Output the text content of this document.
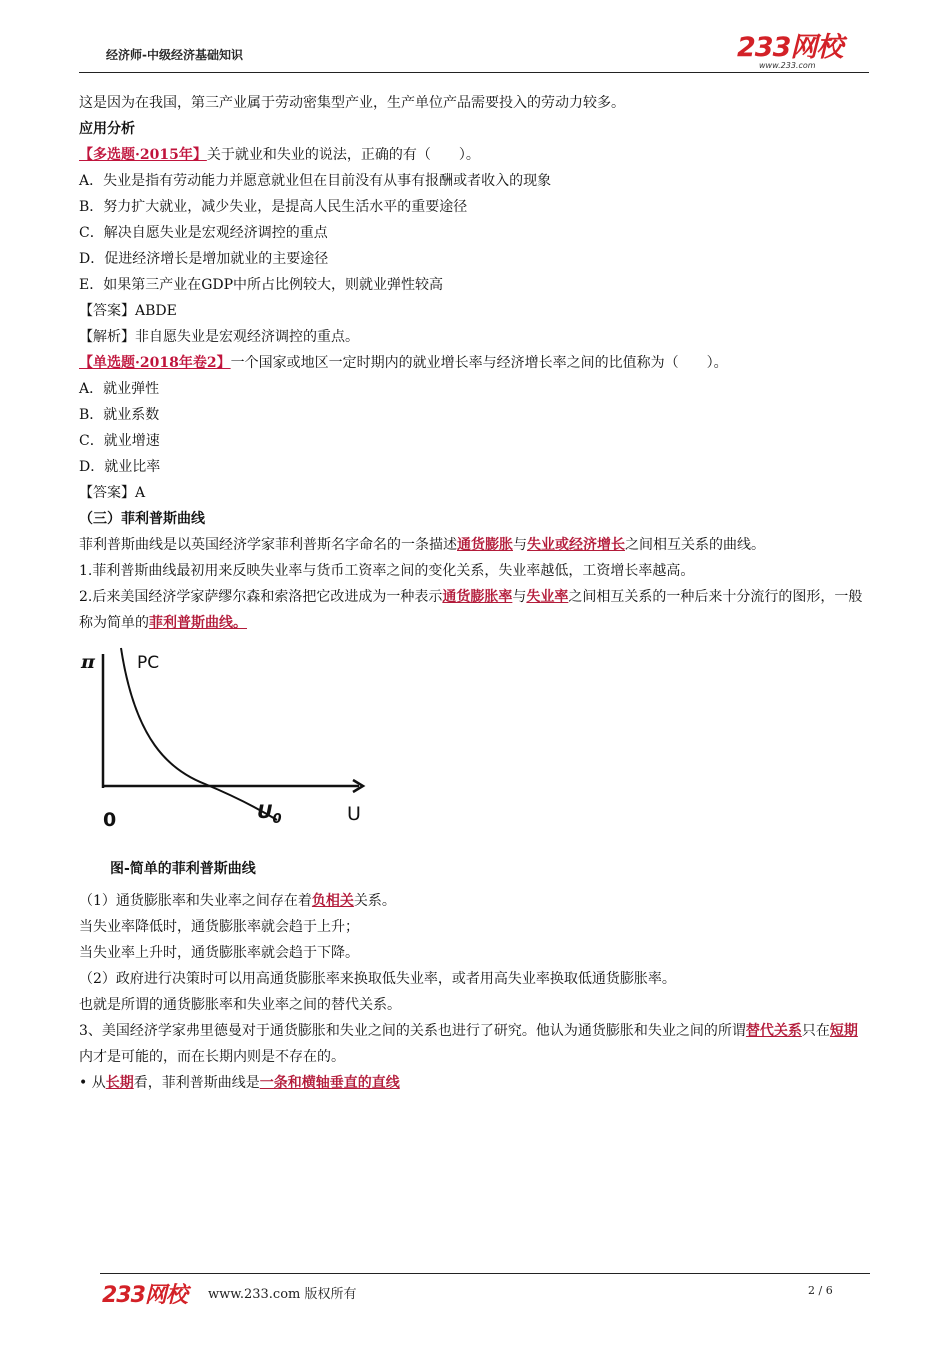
经济师-中级经济基础知识	233网校
www.233.com
这是因为在我国，第三产业属于劳动密集型产业，生产单位产品需要投入的劳动力较多。
应用分析
【多选题·2015年】关于就业和失业的说法，正确的有（　　）。
A．失业是指有劳动能力并愿意就业但在目前没有从事有报酬或者收入的现象
B．努力扩大就业，减少失业，是提高人民生活水平的重要途径
C．解决自愿失业是宏观经济调控的重点
D．促进经济增长是增加就业的主要途径
E．如果第三产业在GDP中所占比例较大，则就业弹性较高
【答案】ABDE
【解析】非自愿失业是宏观经济调控的重点。
【单选题·2018年卷2】一个国家或地区一定时期内的就业增长率与经济增长率之间的比值称为（　　）。
A．就业弹性
B．就业系数
C．就业增速
D．就业比率
【答案】A
（三）菲利普斯曲线
菲利普斯曲线是以英国经济学家菲利普斯名字命名的一条描述通货膨胀与失业或经济增长之间相互关系的曲线。
1.菲利普斯曲线最初用来反映失业率与货币工资率之间的变化关系，失业率越低，工资增长率越高。
2.后来美国经济学家萨缪尔森和索洛把它改进成为一种表示通货膨胀率与失业率之间相互关系的一种后来十分流行的图形，一般称为简单的菲利普斯曲线。
π PC
0	$U_0$	U
图-简单的菲利普斯曲线
（1）通货膨胀率和失业率之间存在着负相关关系。
当失业率降低时，通货膨胀率就会趋于上升；
当失业率上升时，通货膨胀率就会趋于下降。
（2）政府进行决策时可以用高通货膨胀率来换取低失业率，或者用高失业率换取低通货膨胀率。
也就是所谓的通货膨胀率和失业率之间的替代关系。
3、美国经济学家弗里德曼对于通货膨胀和失业之间的关系也进行了研究。他认为通货膨胀和失业之间的所谓替代关系只在短期内才是可能的，而在长期内则是不存在的。
• 从长期看，菲利普斯曲线是一条和横轴垂直的直线
233网校 www.233.com 版权所有	2 / 6
